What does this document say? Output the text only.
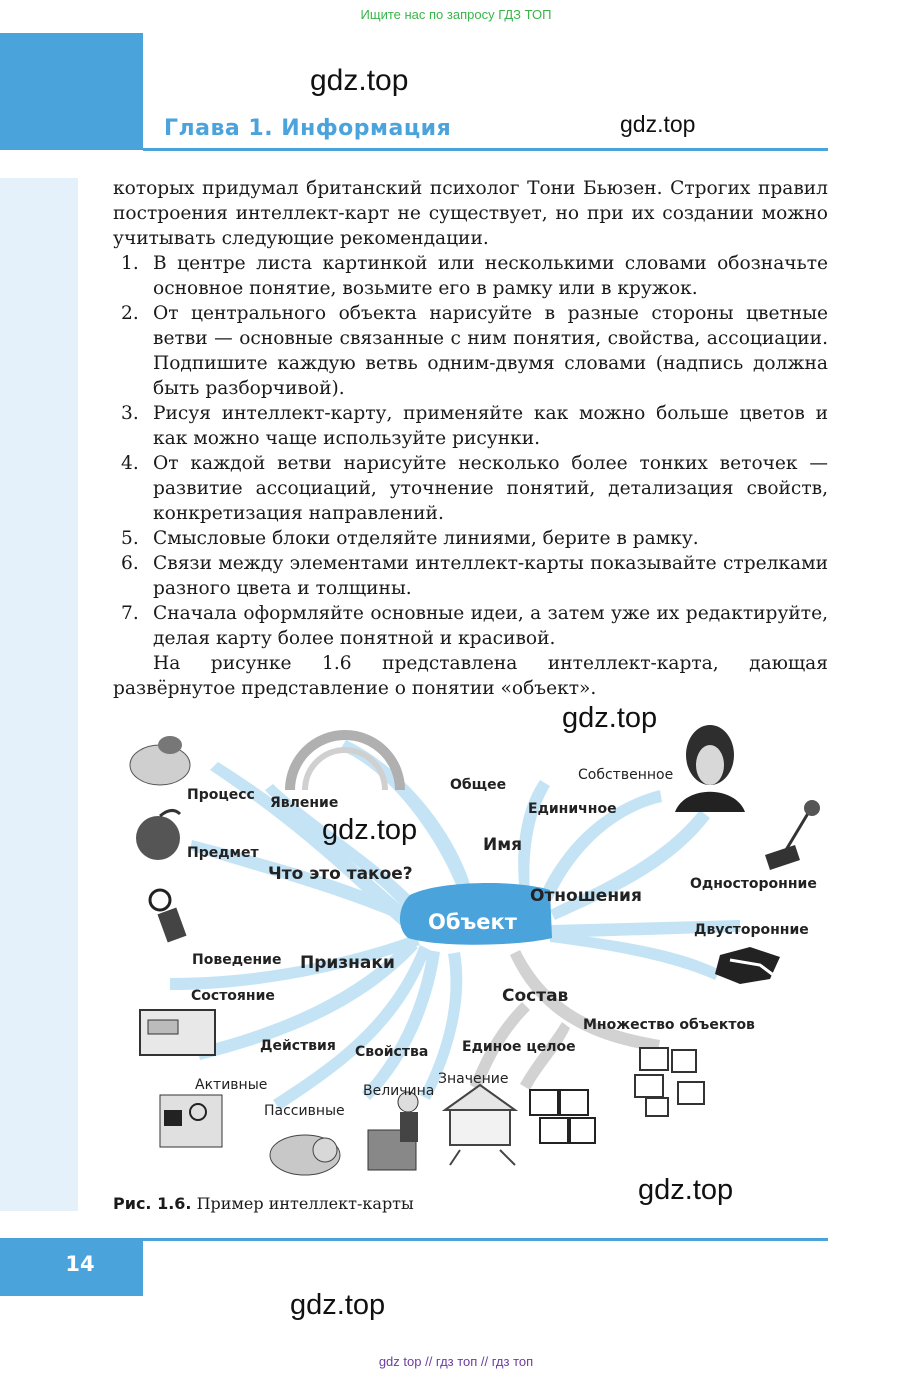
Ищите нас по запросу ГДЗ ТОП
gdz.top
Глава 1. Информация	gdz.top

которых придумал британский психолог Тони Бьюзен. Строгих правил построения интеллект-карт не существует, но при их создании можно учитывать следующие рекомендации.

1. В центре листа картинкой или несколькими словами обозначьте основное понятие, возьмите его в рамку или в кружок.
2. От центрального объекта нарисуйте в разные стороны цветные ветви — основные связанные с ним понятия, свойства, ассоциации. Подпишите каждую ветвь одним-двумя словами (надпись должна быть разборчивой).
3. Рисуя интеллект-карту, применяйте как можно больше цветов и как можно чаще используйте рисунки.
4. От каждой ветви нарисуйте несколько более тонких веточек — развитие ассоциаций, уточнение понятий, детализация свойств, конкретизация направлений.
5. Смысловые блоки отделяйте линиями, берите в рамку.
6. Связи между элементами интеллект-карты показывайте стрелками разного цвета и толщины.
7. Сначала оформляйте основные идеи, а затем уже их редактируйте, делая карту более понятной и красивой.

На рисунке 1.6 представлена интеллект-карта, дающая развёрнутое представление о понятии «объект».

Процесс Явление
Общее
Собственное
Единичное
Предмет	Имя
Что это такое?
Отношения
Односторонние
Объект	Двусторонние
Поведение Признаки
Состав
Состояние
Множество объектов
Действия Свойства Единое целое
Активные	Значение
Величина
Пассивные
gdz.top
gdz.top
gdz.top
Рис. 1.6. Пример интеллект-карты
14
gdz.top
gdz top // гдз топ // гдз топ
